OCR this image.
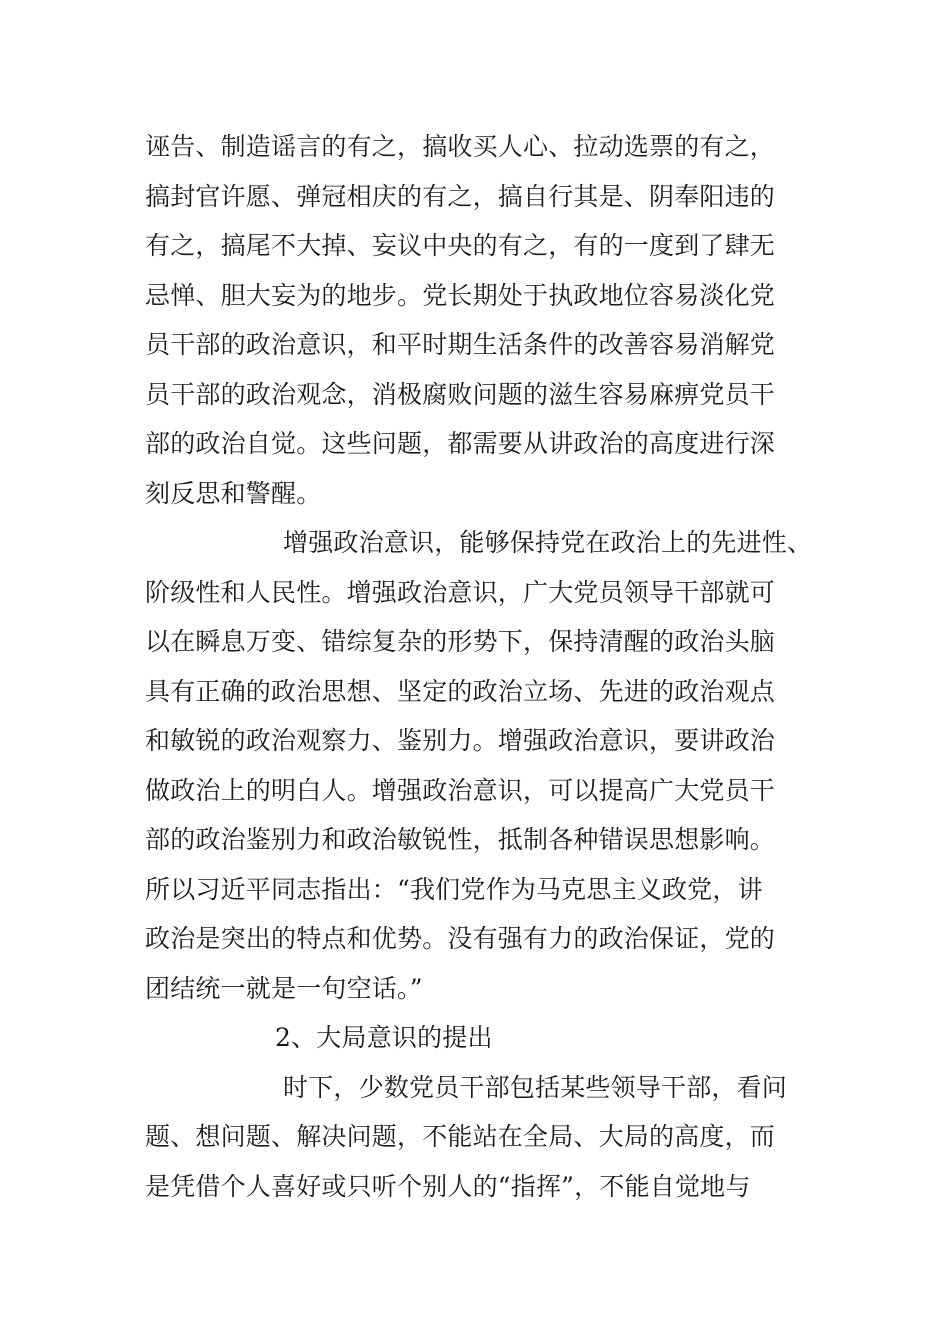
诬告、制造谣言的有之，搞收买人心、拉动选票的有之，
搞封官许愿、弹冠相庆的有之，搞自行其是、阴奉阳违的
有之，搞尾不大掉、妄议中央的有之，有的一度到了肆无
忌惮、胆大妄为的地步。党长期处于执政地位容易淡化党
员干部的政治意识，和平时期生活条件的改善容易消解党
员干部的政治观念，消极腐败问题的滋生容易麻痹党员干
部的政治自觉。这些问题，都需要从讲政治的高度进行深
刻反思和警醒。
增强政治意识，能够保持党在政治上的先进性、
阶级性和人民性。增强政治意识，广大党员领导干部就可
以在瞬息万变、错综复杂的形势下，保持清醒的政治头脑
具有正确的政治思想、坚定的政治立场、先进的政治观点
和敏锐的政治观察力、鉴别力。增强政治意识，要讲政治
做政治上的明白人。增强政治意识，可以提高广大党员干
部的政治鉴别力和政治敏锐性，抵制各种错误思想影响。
所以习近平同志指出：“我们党作为马克思主义政党，讲
政治是突出的特点和优势。没有强有力的政治保证，党的
团结统一就是一句空话。”
2、大局意识的提出
时下，少数党员干部包括某些领导干部，看问
题、想问题、解决问题，不能站在全局、大局的高度，而
是凭借个人喜好或只听个别人的“指挥”，不能自觉地与
